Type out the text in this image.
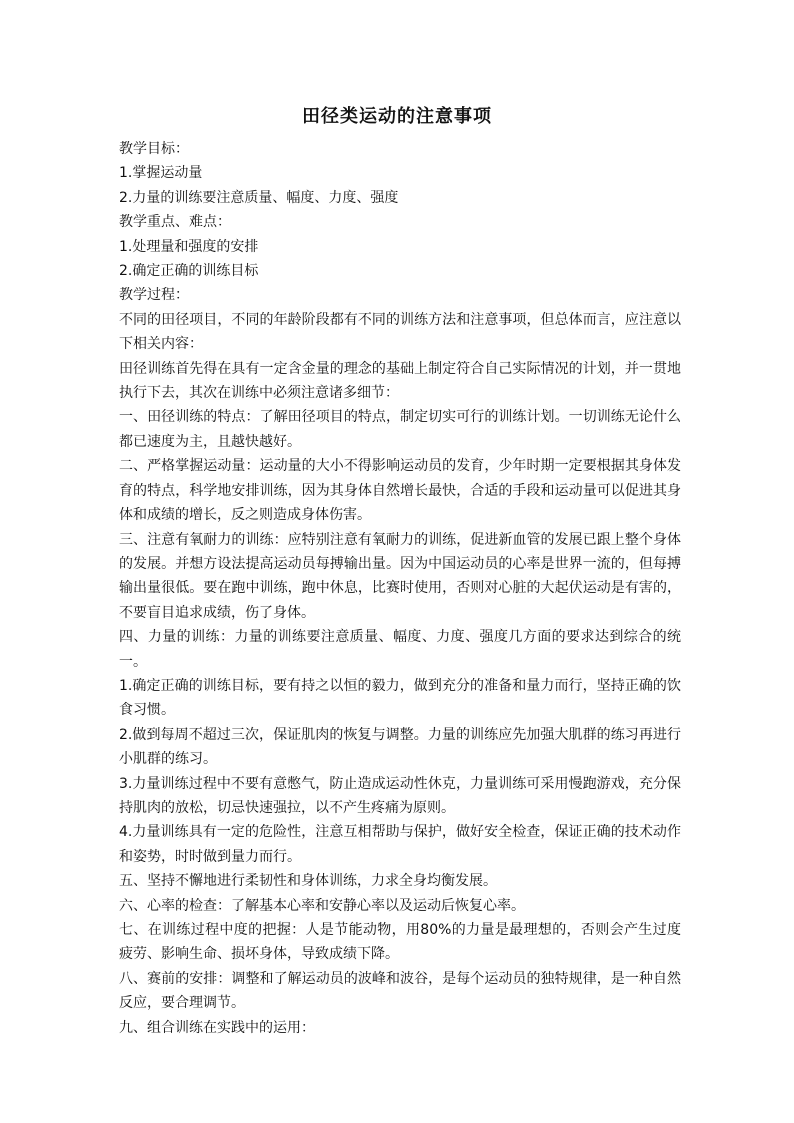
田径类运动的注意事项

教学目标：

1.掌握运动量

2.力量的训练要注意质量、幅度、力度、强度

教学重点、难点：

1.处理量和强度的安排

2.确定正确的训练目标

教学过程：

不同的田径项目，不同的年龄阶段都有不同的训练方法和注意事项，但总体而言，应注意以下相关内容：

田径训练首先得在具有一定含金量的理念的基础上制定符合自己实际情况的计划，并一贯地执行下去，其次在训练中必须注意诸多细节：

一、田径训练的特点：了解田径项目的特点，制定切实可行的训练计划。一切训练无论什么都已速度为主，且越快越好。

二、严格掌握运动量：运动量的大小不得影响运动员的发育，少年时期一定要根据其身体发育的特点，科学地安排训练，因为其身体自然增长最快，合适的手段和运动量可以促进其身体和成绩的增长，反之则造成身体伤害。

三、注意有氧耐力的训练：应特别注意有氧耐力的训练，促进新血管的发展已跟上整个身体的发展。并想方设法提高运动员每搏输出量。因为中国运动员的心率是世界一流的，但每搏输出量很低。要在跑中训练，跑中休息，比赛时使用，否则对心脏的大起伏运动是有害的，不要盲目追求成绩，伤了身体。

四、力量的训练：力量的训练要注意质量、幅度、力度、强度几方面的要求达到综合的统一。

1.确定正确的训练目标，要有持之以恒的毅力，做到充分的准备和量力而行，坚持正确的饮食习惯。

2.做到每周不超过三次，保证肌肉的恢复与调整。力量的训练应先加强大肌群的练习再进行小肌群的练习。

3.力量训练过程中不要有意憋气，防止造成运动性休克，力量训练可采用慢跑游戏，充分保持肌肉的放松，切忌快速强拉，以不产生疼痛为原则。

4.力量训练具有一定的危险性，注意互相帮助与保护，做好安全检查，保证正确的技术动作和姿势，时时做到量力而行。

五、坚持不懈地进行柔韧性和身体训练，力求全身均衡发展。

六、心率的检查：了解基本心率和安静心率以及运动后恢复心率。

七、在训练过程中度的把握：人是节能动物，用80%的力量是最理想的，否则会产生过度疲劳、影响生命、损坏身体，导致成绩下降。

八、赛前的安排：调整和了解运动员的波峰和波谷，是每个运动员的独特规律，是一种自然反应，要合理调节。

九、组合训练在实践中的运用：
